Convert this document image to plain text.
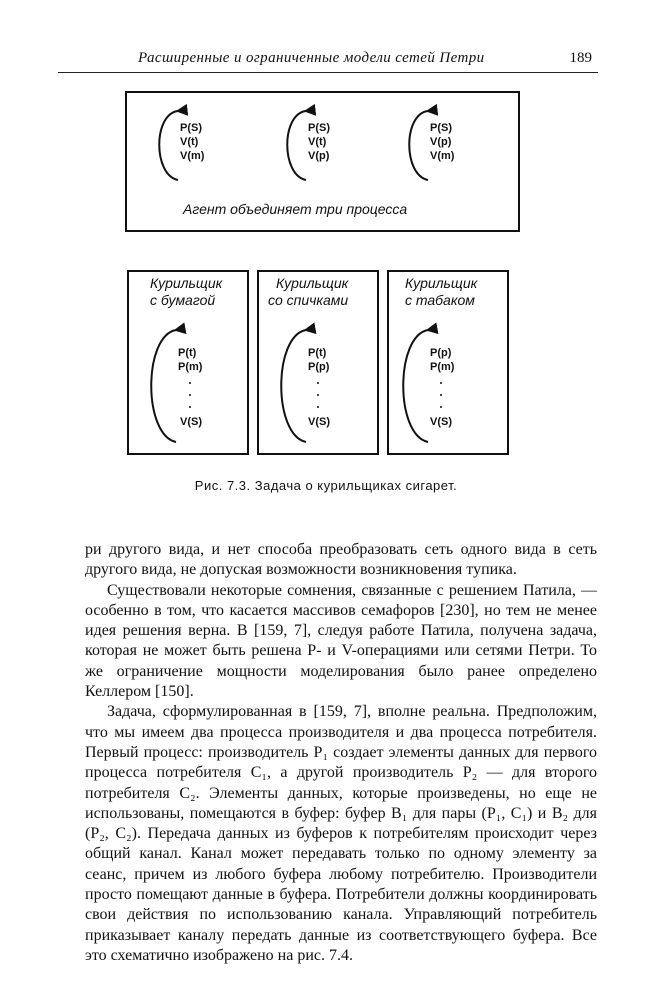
Расширенные и ограниченные модели сетей Петри	189
P(S)
V(t)
V(m)
P(S)
V(t)
V(p)
P(S)
V(p)
V(m)
Агент объединяет три процесса
Курильщик
с бумагой
P(t)
P(m)
V(S)
Курильщик
со спичками
P(t)
P(p)
V(S)
Курильщик
с табаком
P(p)
P(m)
V(S)
Рис. 7.3. Задача о курильщиках сигарет.

ри другого вида, и нет способа преобразовать сеть одного вида в сеть другого вида, не допуская возможности возникновения тупика.

Существовали некоторые сомнения, связанные с решением Патила, — особенно в том, что касается массивов семафоров [230], но тем не менее идея решения верна. В [159, 7], следуя работе Патила, получена задача, которая не может быть решена P- и V-операциями или сетями Петри. То же ограничение мощности моделирования было ранее определено Келлером [150].

Задача, сформулированная в [159, 7], вполне реальна. Предположим, что мы имеем два процесса производителя и два процесса потребителя. Первый процесс: производитель P₁ создает элементы данных для первого процесса потребителя C₁, а другой производитель P₂ — для второго потребителя C₂. Элементы данных, которые произведены, но еще не использованы, помещаются в буфер: буфер B₁ для пары (P₁, C₁) и B₂ для (P₂, C₂). Передача данных из буферов к потребителям происходит через общий канал. Канал может передавать только по одному элементу за сеанс, причем из любого буфера любому потребителю. Производители просто помещают данные в буфера. Потребители должны координировать свои действия по использованию канала. Управляющий потребитель приказывает каналу передать данные из соответствующего буфера. Все это схематично изображено на рис. 7.4.
